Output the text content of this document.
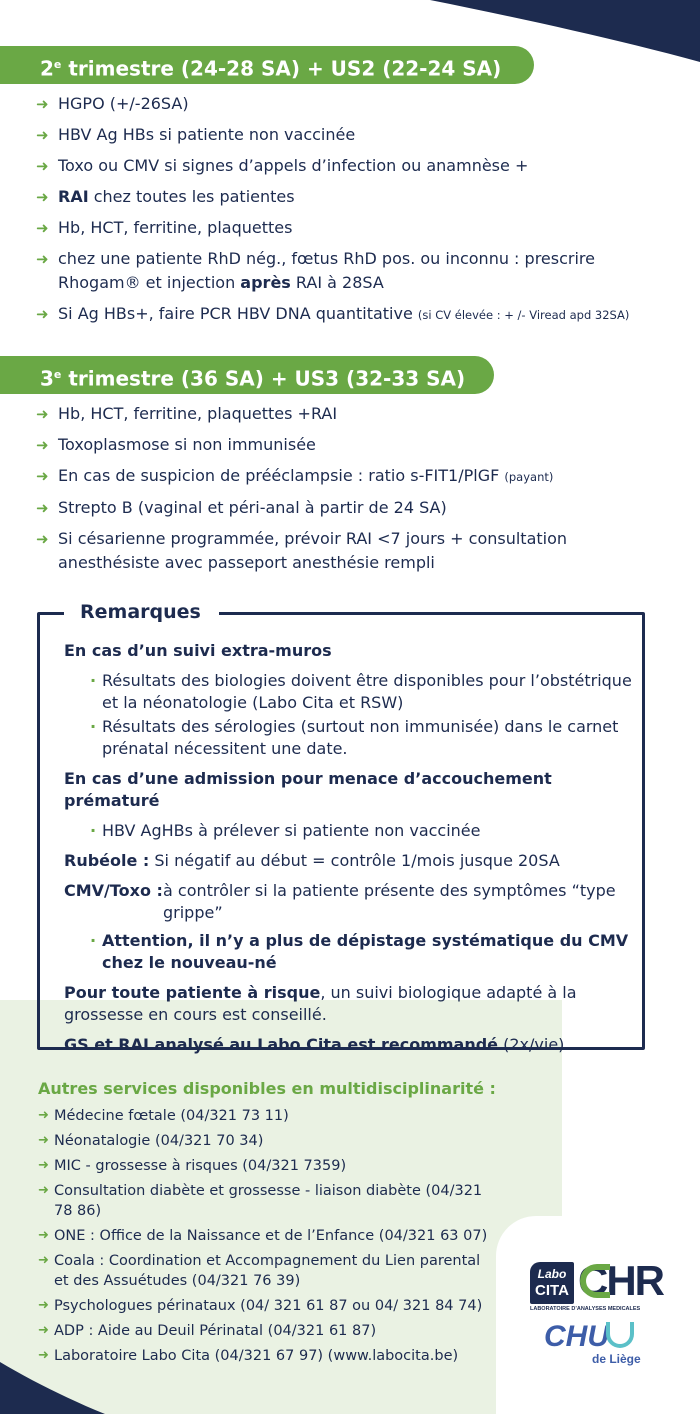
2e trimestre (24-28 SA) + US2 (22-24 SA)
➜ HGPO (+/-26SA)
➜ HBV Ag HBs si patiente non vaccinée
➜ Toxo ou CMV si signes d’appels d’infection ou anamnèse +
➜ RAI chez toutes les patientes
➜ Hb, HCT, ferritine, plaquettes
➜ chez une patiente RhD nég., fœtus RhD pos. ou inconnu : prescrire Rhogam® et injection après RAI à 28SA
➜ Si Ag HBs+, faire PCR HBV DNA quantitative (si CV élevée : + /- Viread apd 32SA)
3e trimestre (36 SA) + US3 (32-33 SA)
➜ Hb, HCT, ferritine, plaquettes +RAI
➜ Toxoplasmose si non immunisée
➜ En cas de suspicion de prééclampsie : ratio s-FIT1/PlGF (payant)
➜ Strepto B (vaginal et péri-anal à partir de 24 SA)
➜ Si césarienne programmée, prévoir RAI <7 jours + consultation anesthésiste avec passeport anesthésie rempli
Remarques
En cas d’un suivi extra-muros
· Résultats des biologies doivent être disponibles pour l’obstétrique et la néonatologie (Labo Cita et RSW)
· Résultats des sérologies (surtout non immunisée) dans le carnet prénatal nécessitent une date.
En cas d’une admission pour menace d’accouchement prématuré
· HBV AgHBs à prélever si patiente non vaccinée
Rubéole : Si négatif au début = contrôle 1/mois jusque 20SA
CMV/Toxo : à contrôler si la patiente présente des symptômes “type grippe”
· Attention, il n’y a plus de dépistage systématique du CMV chez le nouveau-né
Pour toute patiente à risque, un suivi biologique adapté à la grossesse en cours est conseillé.
GS et RAI analysé au Labo Cita est recommandé (2x/vie)
Autres services disponibles en multidisciplinarité :
➜ Médecine fœtale (04/321 73 11)
➜ Néonatalogie (04/321 70 34)
➜ MIC - grossesse à risques (04/321 7359)
➜ Consultation diabète et grossesse - liaison diabète (04/321 78 86)
➜ ONE : Office de la Naissance et de l’Enfance (04/321 63 07)
➜ Coala : Coordination et Accompagnement du Lien parental et des Assuétudes (04/321 76 39)
➜ Psychologues périnataux (04/ 321 61 87 ou 04/ 321 84 74)
➜ ADP : Aide au Deuil Périnatal (04/321 61 87)
➜ Laboratoire Labo Cita (04/321 67 97) (www.labocita.be)
Labo
CITA CHR
LABORATOIRE D’ANALYSES MEDICALES
CHU
de Liège
